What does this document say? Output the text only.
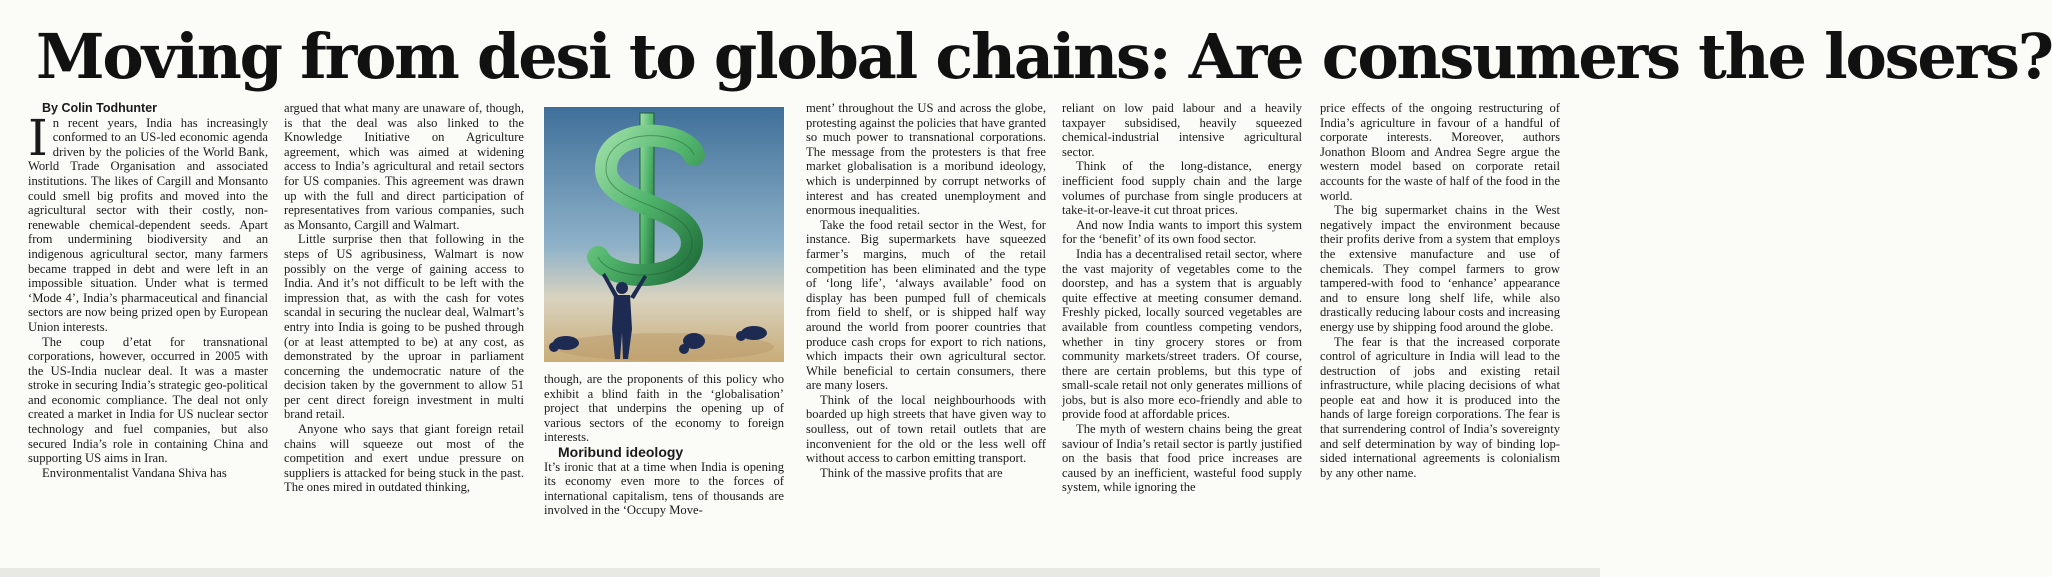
Moving from desi to global chains: Are consumers the losers?

By Colin Todhunter

In recent years, India has increasingly conformed to an US-led economic agenda driven by the policies of the World Bank, World Trade Organisation and associated institutions. The likes of Cargill and Monsanto could smell big profits and moved into the agricultural sector with their costly, non-renewable chemical-dependent seeds. Apart from undermining biodiversity and an indigenous agricultural sector, many farmers became trapped in debt and were left in an impossible situation. Under what is termed ‘Mode 4’, India’s pharmaceutical and financial sectors are now being prized open by European Union interests.

The coup d’etat for transnational corporations, however, occurred in 2005 with the US-India nuclear deal. It was a master stroke in securing India’s strategic geo-political and economic compliance. The deal not only created a market in India for US nuclear sector technology and fuel companies, but also secured India’s role in containing China and supporting US aims in Iran.

Environmentalist Vandana Shiva has

argued that what many are unaware of, though, is that the deal was also linked to the Knowledge Initiative on Agriculture agreement, which was aimed at widening access to India’s agricultural and retail sectors for US companies. This agreement was drawn up with the full and direct participation of representatives from various companies, such as Monsanto, Cargill and Walmart.

Little surprise then that following in the steps of US agribusiness, Walmart is now possibly on the verge of gaining access to India. And it’s not difficult to be left with the impression that, as with the cash for votes scandal in securing the nuclear deal, Walmart’s entry into India is going to be pushed through (or at least attempted to be) at any cost, as demonstrated by the uproar in parliament concerning the undemocratic nature of the decision taken by the government to allow 51 per cent direct foreign investment in multi brand retail.

Anyone who says that giant foreign retail chains will squeeze out most of the competition and exert undue pressure on suppliers is attacked for being stuck in the past. The ones mired in outdated thinking,

though, are the proponents of this policy who exhibit a blind faith in the ‘globalisation’ project that underpins the opening up of various sectors of the economy to foreign interests.

Moribund ideology

It’s ironic that at a time when India is opening its economy even more to the forces of international capitalism, tens of thousands are involved in the ‘Occupy Move-

ment’ throughout the US and across the globe, protesting against the policies that have granted so much power to transnational corporations. The message from the protesters is that free market globalisation is a moribund ideology, which is underpinned by corrupt networks of interest and has created unemployment and enormous inequalities.

Take the food retail sector in the West, for instance. Big supermarkets have squeezed farmer’s margins, much of the retail competition has been eliminated and the type of ‘long life’, ‘always available’ food on display has been pumped full of chemicals from field to shelf, or is shipped half way around the world from poorer countries that produce cash crops for export to rich nations, which impacts their own agricultural sector. While beneficial to certain consumers, there are many losers.

Think of the local neighbourhoods with boarded up high streets that have given way to soulless, out of town retail outlets that are inconvenient for the old or the less well off without access to carbon emitting transport.

Think of the massive profits that are

reliant on low paid labour and a heavily taxpayer subsidised, heavily squeezed chemical-industrial intensive agricultural sector.

Think of the long-distance, energy inefficient food supply chain and the large volumes of purchase from single producers at take-it-or-leave-it cut throat prices.

And now India wants to import this system for the ‘benefit’ of its own food sector.

India has a decentralised retail sector, where the vast majority of vegetables come to the doorstep, and has a system that is arguably quite effective at meeting consumer demand. Freshly picked, locally sourced vegetables are available from countless competing vendors, whether in tiny grocery stores or from community markets/street traders. Of course, there are certain problems, but this type of small-scale retail not only generates millions of jobs, but is also more eco-friendly and able to provide food at affordable prices.

The myth of western chains being the great saviour of India’s retail sector is partly justified on the basis that food price increases are caused by an inefficient, wasteful food supply system, while ignoring the

price effects of the ongoing restructuring of India’s agriculture in favour of a handful of corporate interests. Moreover, authors Jonathon Bloom and Andrea Segre argue the western model based on corporate retail accounts for the waste of half of the food in the world.

The big supermarket chains in the West negatively impact the environment because their profits derive from a system that employs the extensive manufacture and use of chemicals. They compel farmers to grow tampered-with food to ‘enhance’ appearance and to ensure long shelf life, while also drastically reducing labour costs and increasing energy use by shipping food around the globe.

The fear is that the increased corporate control of agriculture in India will lead to the destruction of jobs and existing retail infrastructure, while placing decisions of what people eat and how it is produced into the hands of large foreign corporations. The fear is that surrendering control of India’s sovereignty and self determination by way of binding lop-sided international agreements is colonialism by any other name.
